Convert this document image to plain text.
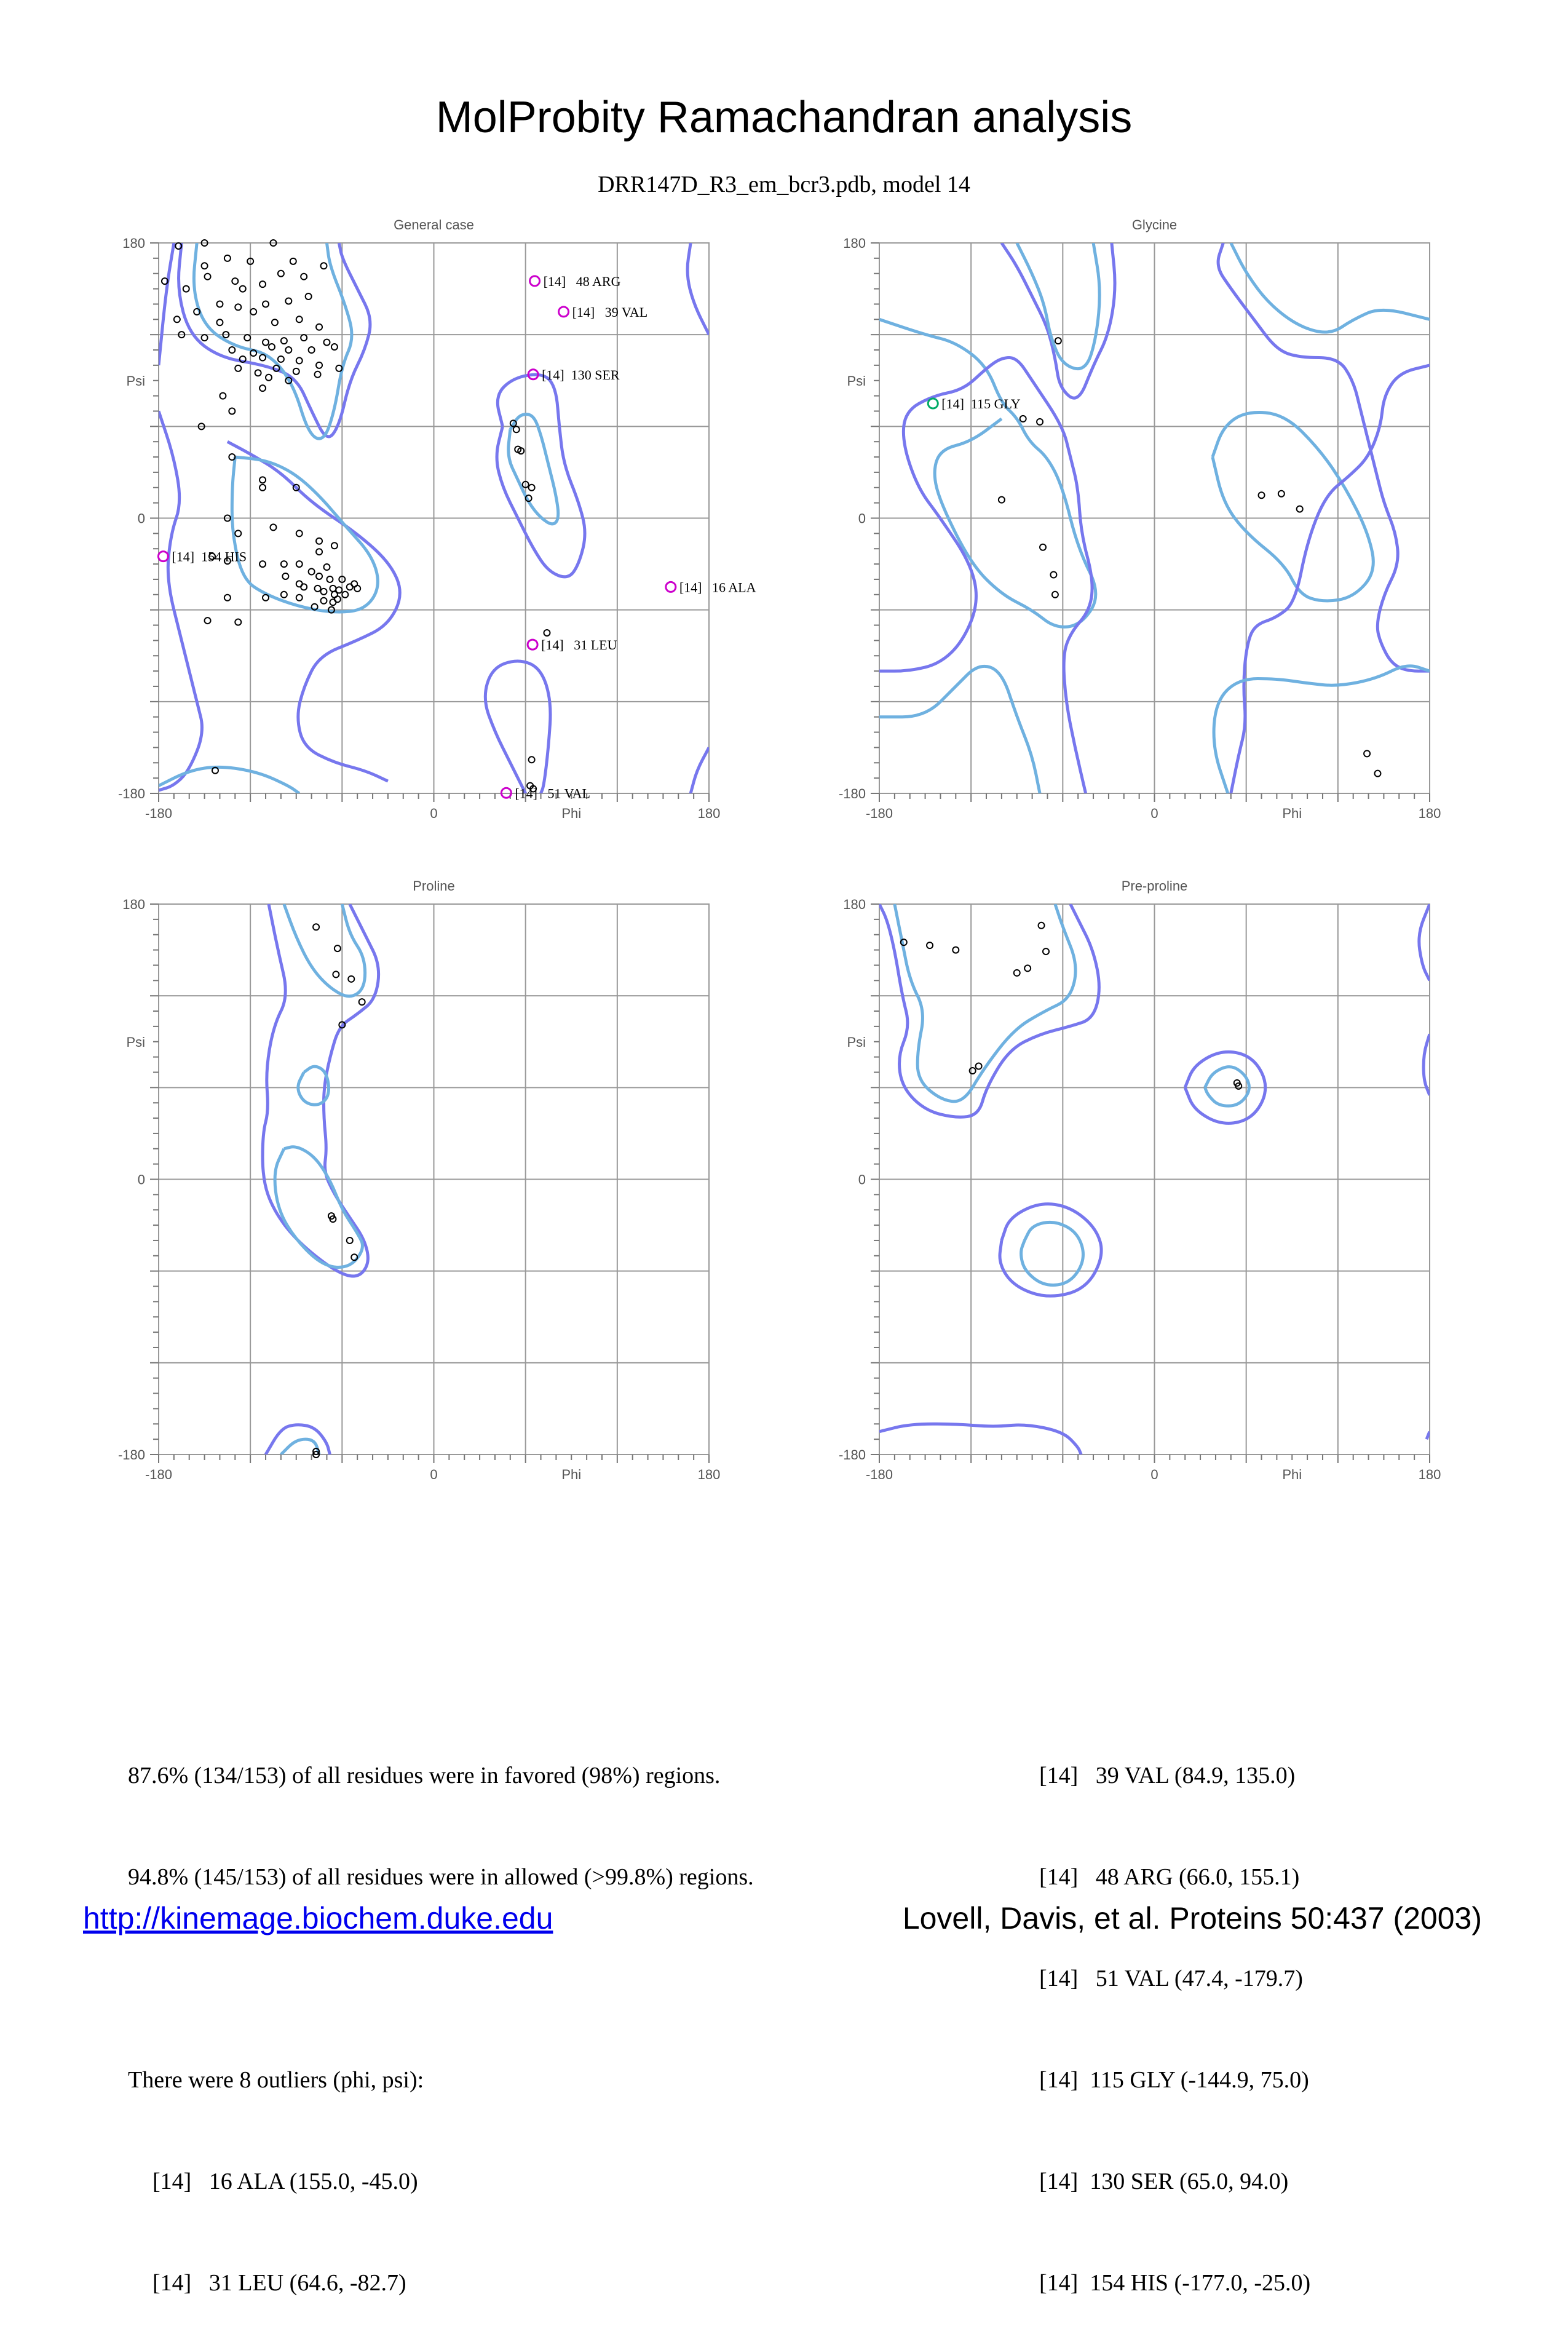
MolProbity Ramachandran analysis
DRR147D_R3_em_bcr3.pdb, model 14
General case
-180	0	180
180
0
-180
Phi
Psi
[14]   48 ARG
[14]   39 VAL
[14]  130 SER
[14]  154 HIS
[14]   16 ALA
[14]   31 LEU
[14]   51 VAL
Glycine
-180	0	180
180
0
-180
Phi
Psi
[14]  115 GLY
Proline
-180	0	180
180
0
-180
Phi
Psi
Pre-proline
-180	0	180
180
0
-180
Phi
Psi

87.6% (134/153) of all residues were in favored (98%) regions.

94.8% (145/153) of all residues were in allowed (>99.8%) regions.

There were 8 outliers (phi, psi):

[14]   16 ALA (155.0, -45.0)

[14]   31 LEU (64.6, -82.7)

[14]   39 VAL (84.9, 135.0)

[14]   48 ARG (66.0, 155.1)

[14]   51 VAL (47.4, -179.7)

[14]  115 GLY (-144.9, 75.0)

[14]  130 SER (65.0, 94.0)

[14]  154 HIS (-177.0, -25.0)

http://kinemage.biochem.duke.edu	Lovell, Davis, et al. Proteins 50:437 (2003)
